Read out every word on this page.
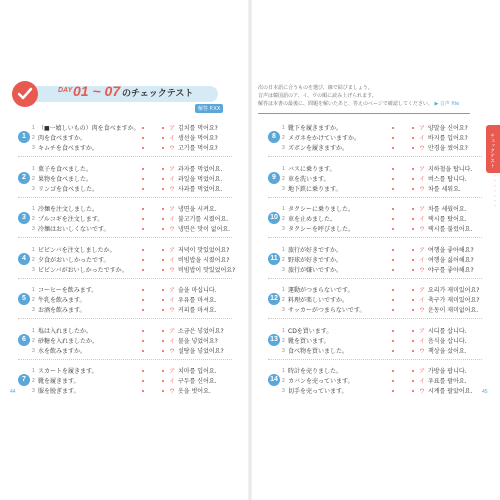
DAY 01 ~ 07 のチェックテスト
解答 P.XX

次の日本語に合うものを選び、線で結びましょう。

音声は韓国語のア、イ、ウの順に読み上げられます。

解答は本書の最後に、問題を解いたあと、答えのページで確認してください。 ▶ 音声 file

1
1 （■一嬉しいもの）肉を食べますか。	ア 김치를 먹어요?
2 肉を食べますか。	イ 생선을 먹어요?
3 キムチを食べますか。	ウ 고기를 먹어요?
2
1 菓子を食べました。	ア 과자를 먹었어요.
2 果物を食べました。	イ 과일을 먹었어요.
3 リンゴを食べました。	ウ 사과를 먹었어요.
3
1 冷麺を注文しました。	ア 냉면을 시켜요.
2 プルコギを注文します。	イ 불고기를 시켰어요.
3 冷麺はおいしくないです。	ウ 냉면은 맛이 없어요.
4
1 ビビンバを注文しましたか。	ア 저녁이 맛있었어요?
2 夕食がおいしかったです。	イ 비빔밥을 시켰어요?
3 ビビンバがおいしかったですか。	ウ 비빔밥이 맛있었어요?
5
1 コーヒーを飲みます。	ア 술을 마십니다.
2 牛乳を飲みます。	イ 우유를 마셔요.
3 お酒を飲みます。	ウ 커피를 마셔요.
6
1 塩は入れましたか。	ア 소금은 넣었어요?
2 砂糖を入れましたか。	イ 물을 넣었어요?
3 水を飲みますか。	ウ 설탕을 넣었어요?
7
1 スカートを履きます。	ア 치마를 입어요.
2 靴を履きます。	イ 구두를 신어요.
3 服を脱ぎます。	ウ 옷을 벗어요.
8
1 靴下を履きますか。	ア 양말을 신어요?
2 メガネをかけていますか。	イ 바지를 입어요?
3 ズボンを履きますか。	ウ 안경을 썼어요?
9
1 バスに乗ります。	ア 지하철을 탑니다.
2 車を洗います。	イ 버스를 탑니다.
3 地下鉄に乗ります。	ウ 차를 세워요.
10
1 タクシーに乗りました。	ア 차를 세웠어요.
2 車を止めました。	イ 택시를 탔어요.
3 タクシーを呼びました。	ウ 택시를 불렀어요.
11
1 旅行が好きですか。	ア 여행을 좋아해요?
2 野球が好きですか。	イ 여행을 싫어해요?
3 旅行が嫌いですか。	ウ 야구를 좋아해요?
12
1 運動がつまらないです。	ア 요리가 재미있어요?
2 料理が楽しいですか。	イ 축구가 재미있어요?
3 サッカーがつまらないです。	ウ 운동이 재미없어요.
13
1 CDを買います。	ア 시디를 삽니다.
2 靴を買います。	イ 음식을 삽니다.
3 食べ物を買いました。	ウ 책상을 샀어요.
14
1 時計を売りました。	ア 가방을 팝니다.
2 カバンを売っています。	イ 우표를 팔아요.
3 切手を売っています。	ウ 시계를 팔았어요.
チェックテスト
・・・・・・・
44	45
